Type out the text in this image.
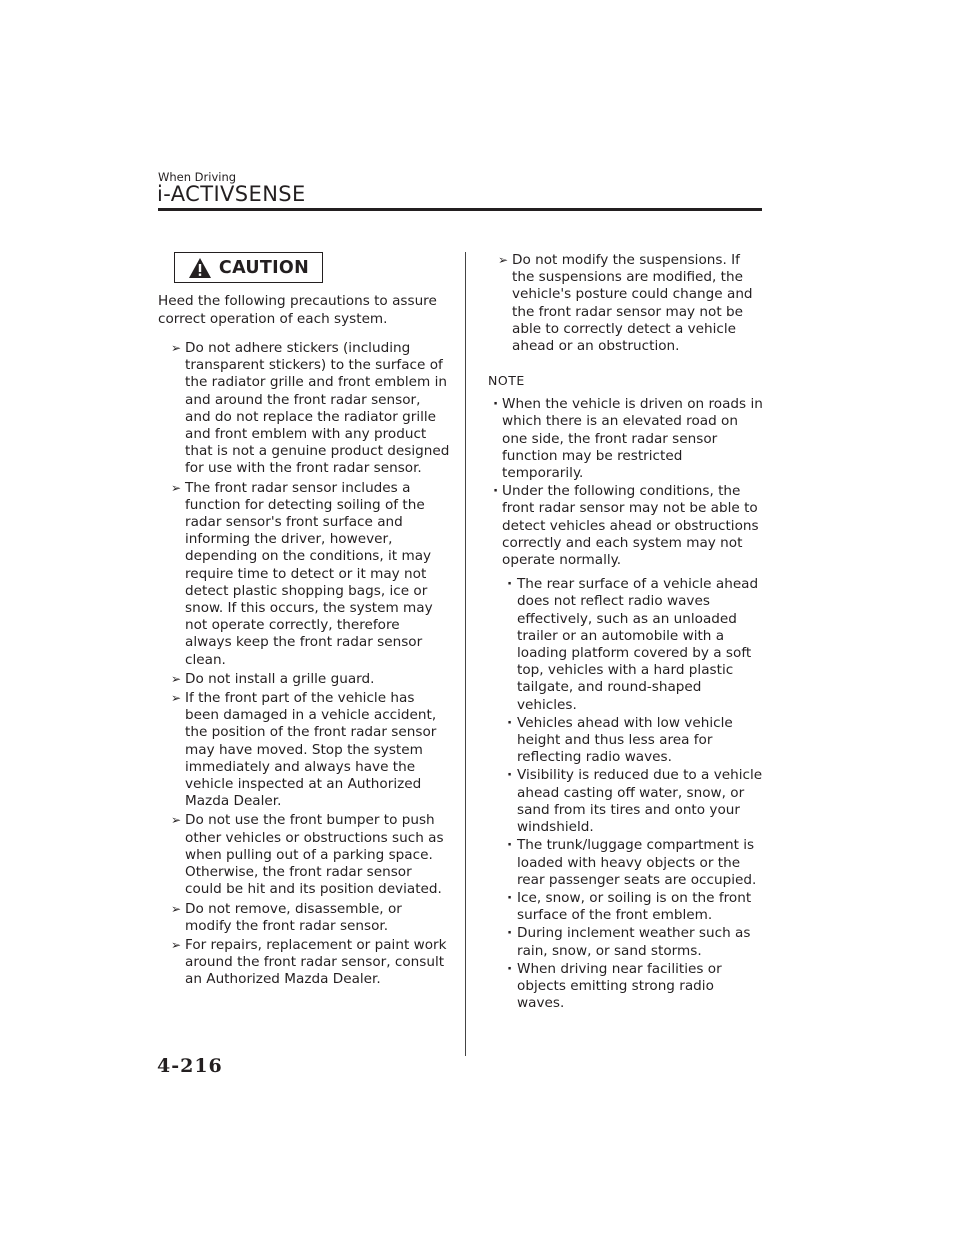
When Driving
i-ACTIVSENSE
CAUTION
Heed the following precautions to assure correct operation of each system.
➢ Do not adhere stickers (including transparent stickers) to the surface of the radiator grille and front emblem in and around the front radar sensor, and do not replace the radiator grille and front emblem with any product that is not a genuine product designed for use with the front radar sensor.
➢ The front radar sensor includes a function for detecting soiling of the radar sensor's front surface and informing the driver, however, depending on the conditions, it may require time to detect or it may not detect plastic shopping bags, ice or snow. If this occurs, the system may not operate correctly, therefore always keep the front radar sensor clean.
➢ Do not install a grille guard.
➢ If the front part of the vehicle has been damaged in a vehicle accident, the position of the front radar sensor may have moved. Stop the system immediately and always have the vehicle inspected at an Authorized Mazda Dealer.
➢ Do not use the front bumper to push other vehicles or obstructions such as when pulling out of a parking space. Otherwise, the front radar sensor could be hit and its position deviated.
➢ Do not remove, disassemble, or modify the front radar sensor.
➢ For repairs, replacement or paint work around the front radar sensor, consult an Authorized Mazda Dealer.
➢ Do not modify the suspensions. If the suspensions are modified, the vehicle's posture could change and the front radar sensor may not be able to correctly detect a vehicle ahead or an obstruction.
NOTE
· When the vehicle is driven on roads in which there is an elevated road on one side, the front radar sensor function may be restricted temporarily.
· Under the following conditions, the front radar sensor may not be able to detect vehicles ahead or obstructions correctly and each system may not operate normally.
· The rear surface of a vehicle ahead does not reflect radio waves effectively, such as an unloaded trailer or an automobile with a loading platform covered by a soft top, vehicles with a hard plastic tailgate, and round-shaped vehicles.
· Vehicles ahead with low vehicle height and thus less area for reflecting radio waves.
· Visibility is reduced due to a vehicle ahead casting off water, snow, or sand from its tires and onto your windshield.
· The trunk/luggage compartment is loaded with heavy objects or the rear passenger seats are occupied.
· Ice, snow, or soiling is on the front surface of the front emblem.
· During inclement weather such as rain, snow, or sand storms.
· When driving near facilities or objects emitting strong radio waves.
4-216
